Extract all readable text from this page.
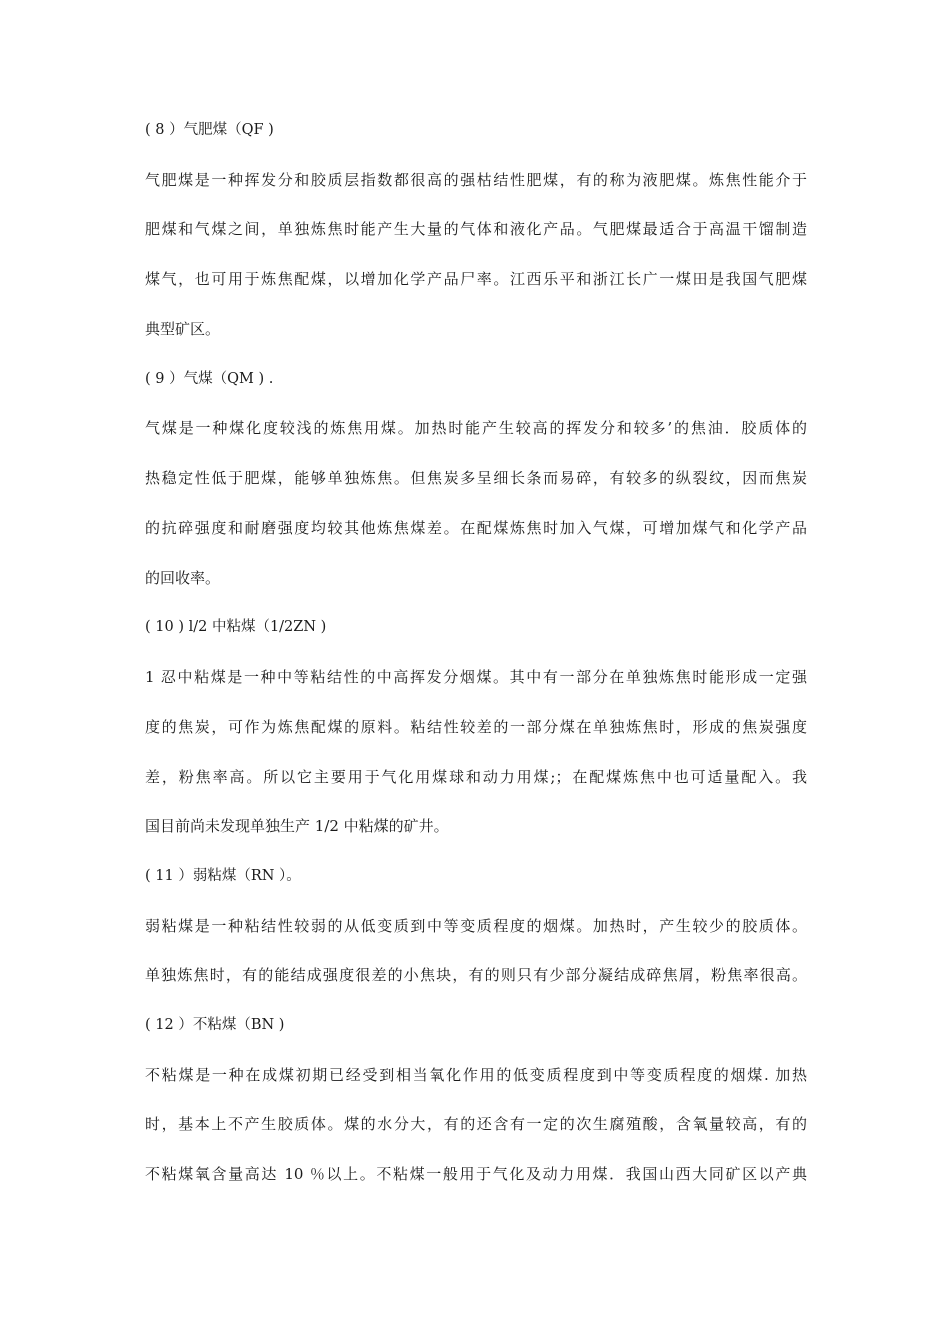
( 8 ）气肥煤（QF )
气肥煤是一种挥发分和胶质层指数都很高的强枯结性肥煤，有的称为液肥煤。炼焦性能介于
肥煤和气煤之间，单独炼焦时能产生大量的气体和液化产品。气肥煤最适合于高温干馏制造
煤气，也可用于炼焦配煤，以增加化学产品尸率。江西乐平和浙江长广一煤田是我国气肥煤
典型矿区。
( 9 ）气煤（QM ) .
气煤是一种煤化度较浅的炼焦用煤。加热时能产生较高的挥发分和较多’的焦油．胶质体的
热稳定性低于肥煤，能够单独炼焦。但焦炭多呈细长条而易碎，有较多的纵裂纹，因而焦炭
的抗碎强度和耐磨强度均较其他炼焦煤差。在配煤炼焦时加入气煤，可增加煤气和化学产品
的回收率。
( 10 ) l/2 中粘煤（1/2ZN )
1 忍中粘煤是一种中等粘结性的中高挥发分烟煤。其中有一部分在单独炼焦时能形成一定强
度的焦炭，可作为炼焦配煤的原料。粘结性较差的一部分煤在单独炼焦时，形成的焦炭强度
差，粉焦率高。所以它主要用于气化用煤球和动力用煤;；在配煤炼焦中也可适量配入。我
国目前尚未发现单独生产 1/2 中粘煤的矿井。
( 11 ）弱粘煤（RN ）。
弱粘煤是一种粘结性较弱的从低变质到中等变质程度的烟煤。加热时，产生较少的胶质体。
单独炼焦时，有的能结成强度很差的小焦块，有的则只有少部分凝结成碎焦屑，粉焦率很高。
( 12 ）不粘煤（BN )
不粘煤是一种在成煤初期已经受到相当氧化作用的低变质程度到中等变质程度的烟煤. 加热
时，基本上不产生胶质体。煤的水分大，有的还含有一定的次生腐殖酸，含氧量较高，有的
不粘煤氧含量高达 10 ％以上。不粘煤一般用于气化及动力用煤．我国山西大同矿区以产典
